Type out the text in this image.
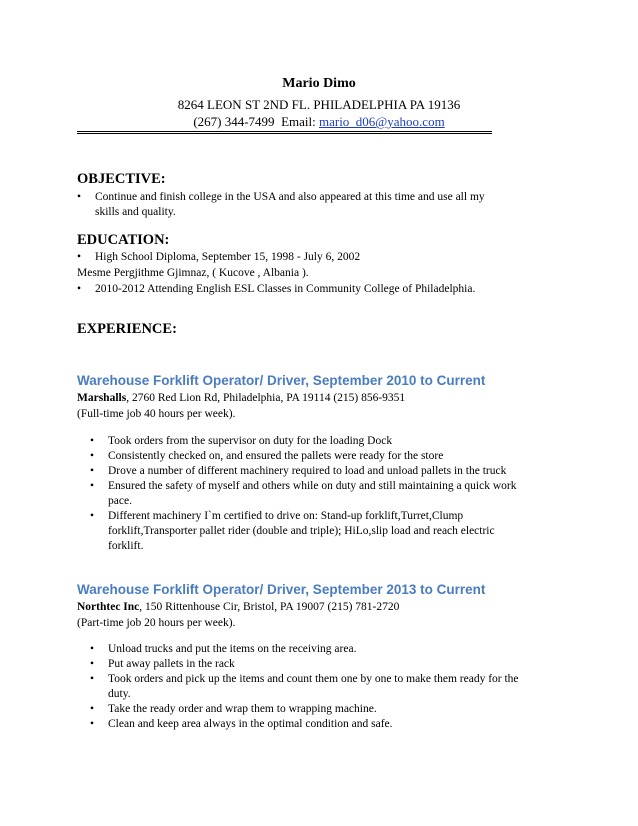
Mario Dimo
8264 LEON ST 2ND FL. PHILADELPHIA PA 19136
(267) 344-7499 Email: mario_d06@yahoo.com
OBJECTIVE:
• Continue and finish college in the USA and also appeared at this time and use all my
skills and quality.
EDUCATION:
• High School Diploma, September 15, 1998 - July 6, 2002
Mesme Pergjithme Gjimnaz, ( Kucove , Albania ).
• 2010-2012 Attending English ESL Classes in Community College of Philadelphia.
EXPERIENCE:
Warehouse Forklift Operator/ Driver, September 2010 to Current
Marshalls, 2760 Red Lion Rd, Philadelphia, PA 19114 (215) 856-9351
(Full-time job 40 hours per week).
• Took orders from the supervisor on duty for the loading Dock
• Consistently checked on, and ensured the pallets were ready for the store
• Drove a number of different machinery required to load and unload pallets in the truck
• Ensured the safety of myself and others while on duty and still maintaining a quick work
pace.
• Different machinery I`m certified to drive on: Stand-up forklift,Turret,Clump
forklift,Transporter pallet rider (double and triple); HiLo,slip load and reach electric
forklift.
Warehouse Forklift Operator/ Driver, September 2013 to Current
Northtec Inc, 150 Rittenhouse Cir, Bristol, PA 19007 (215) 781-2720
(Part-time job 20 hours per week).
• Unload trucks and put the items on the receiving area.
• Put away pallets in the rack
• Took orders and pick up the items and count them one by one to make them ready for the
duty.
• Take the ready order and wrap them to wrapping machine.
• Clean and keep area always in the optimal condition and safe.
